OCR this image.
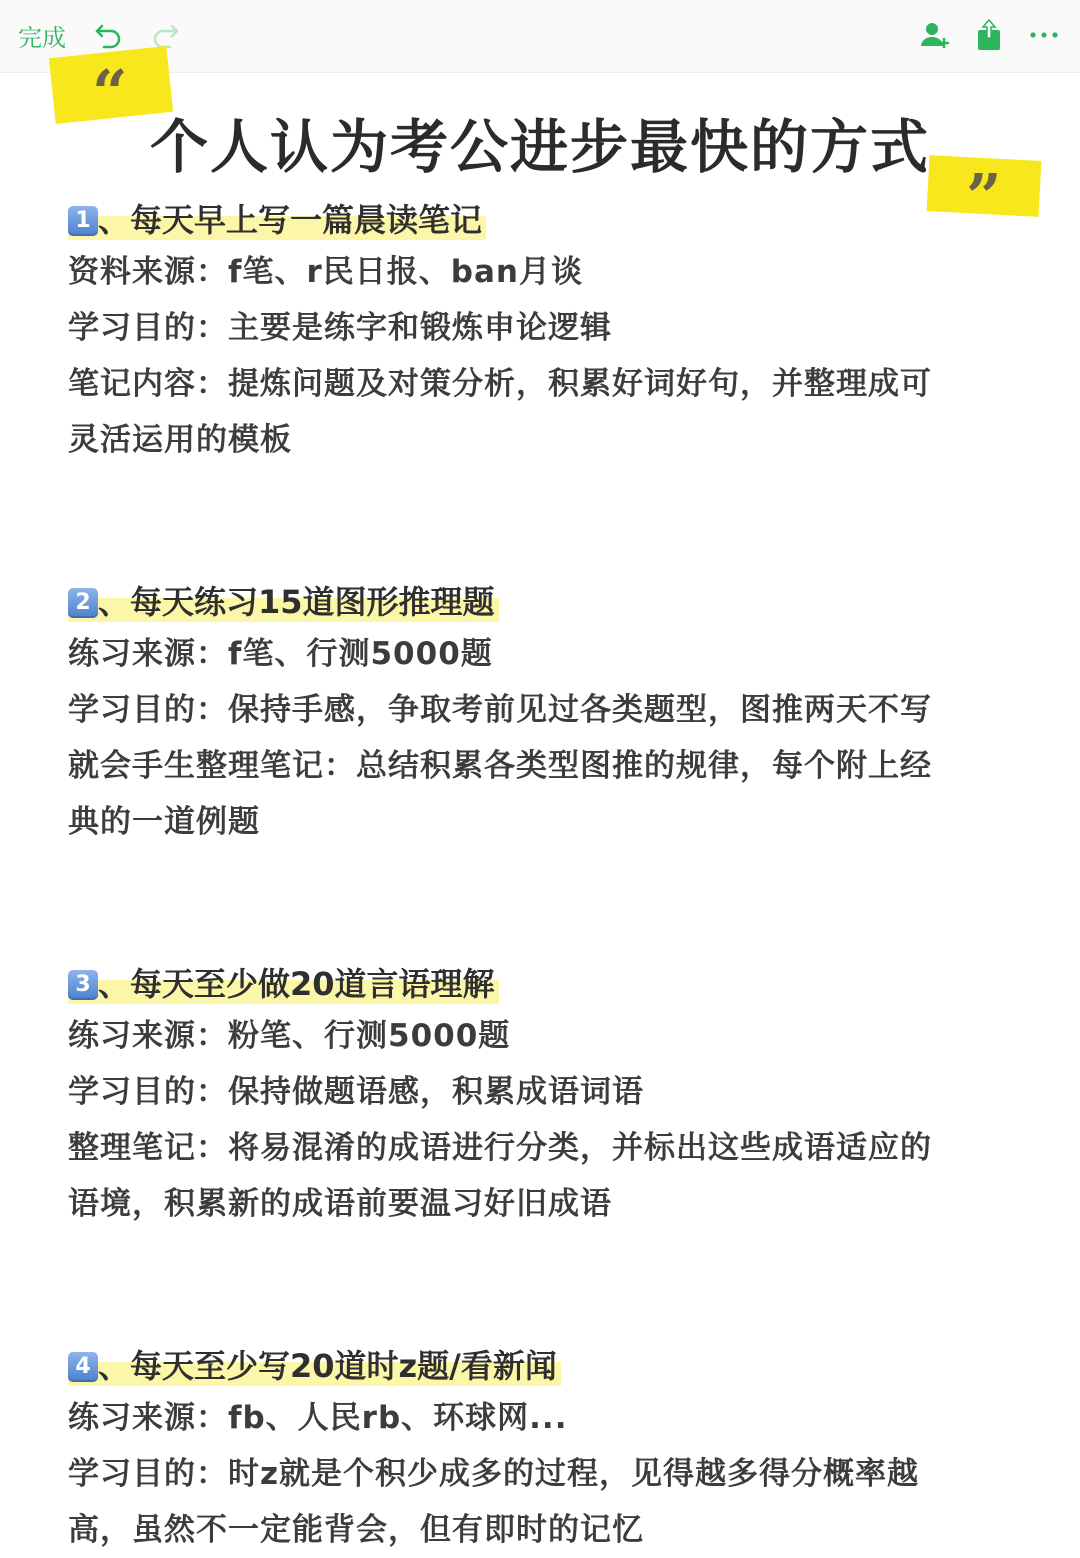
完成
“
”
个人认为考公进步最快的方式
1 、每天早上写一篇晨读笔记
资料来源：f笔、r民日报、ban月谈
学习目的：主要是练字和锻炼申论逻辑
笔记内容：提炼问题及对策分析，积累好词好句，并整理成可
灵活运用的模板
2 、每天练习15道图形推理题
练习来源：f笔、行测5000题
学习目的：保持手感，争取考前见过各类题型，图推两天不写
就会手生整理笔记：总结积累各类型图推的规律，每个附上经
典的一道例题
3 、每天至少做20道言语理解
练习来源：粉笔、行测5000题
学习目的：保持做题语感，积累成语词语
整理笔记：将易混淆的成语进行分类，并标出这些成语适应的
语境，积累新的成语前要温习好旧成语
4 、每天至少写20道时z题/看新闻
练习来源：fb、人民rb、环球网...
学习目的：时z就是个积少成多的过程，见得越多得分概率越
高，虽然不一定能背会，但有即时的记忆
